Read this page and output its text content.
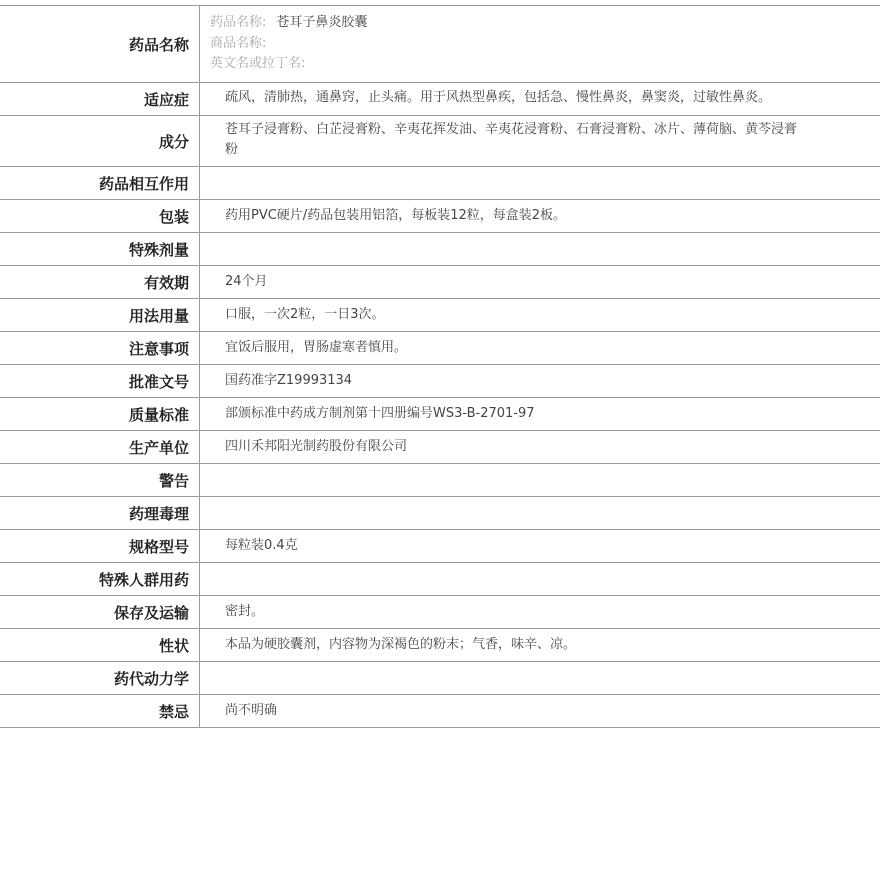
药品名称	药品名称: 苍耳子鼻炎胶囊
商品名称:
英文名或拉丁名:

适应症	疏风，清肺热，通鼻窍，止头痛。用于风热型鼻疾，包括急、慢性鼻炎，鼻窦炎，过敏性鼻炎。
成分	苍耳子浸膏粉、白芷浸膏粉、辛夷花挥发油、辛夷花浸膏粉、石膏浸膏粉、冰片、薄荷脑、黄芩浸膏粉
药品相互作用	
包装	药用PVC硬片/药品包装用铝箔，每板装12粒，每盒装2板。
特殊剂量	
有效期	24个月
用法用量	口服，一次2粒，一日3次。
注意事项	宜饭后服用，胃肠虚寒者慎用。
批准文号	国药准字Z19993134
质量标准	部颁标准中药成方制剂第十四册编号WS3-B-2701-97
生产单位	四川禾邦阳光制药股份有限公司
警告	
药理毒理	
规格型号	每粒装0.4克
特殊人群用药	
保存及运输	密封。
性状	本品为硬胶囊剂，内容物为深褐色的粉末；气香，味辛、凉。
药代动力学	
禁忌	尚不明确
